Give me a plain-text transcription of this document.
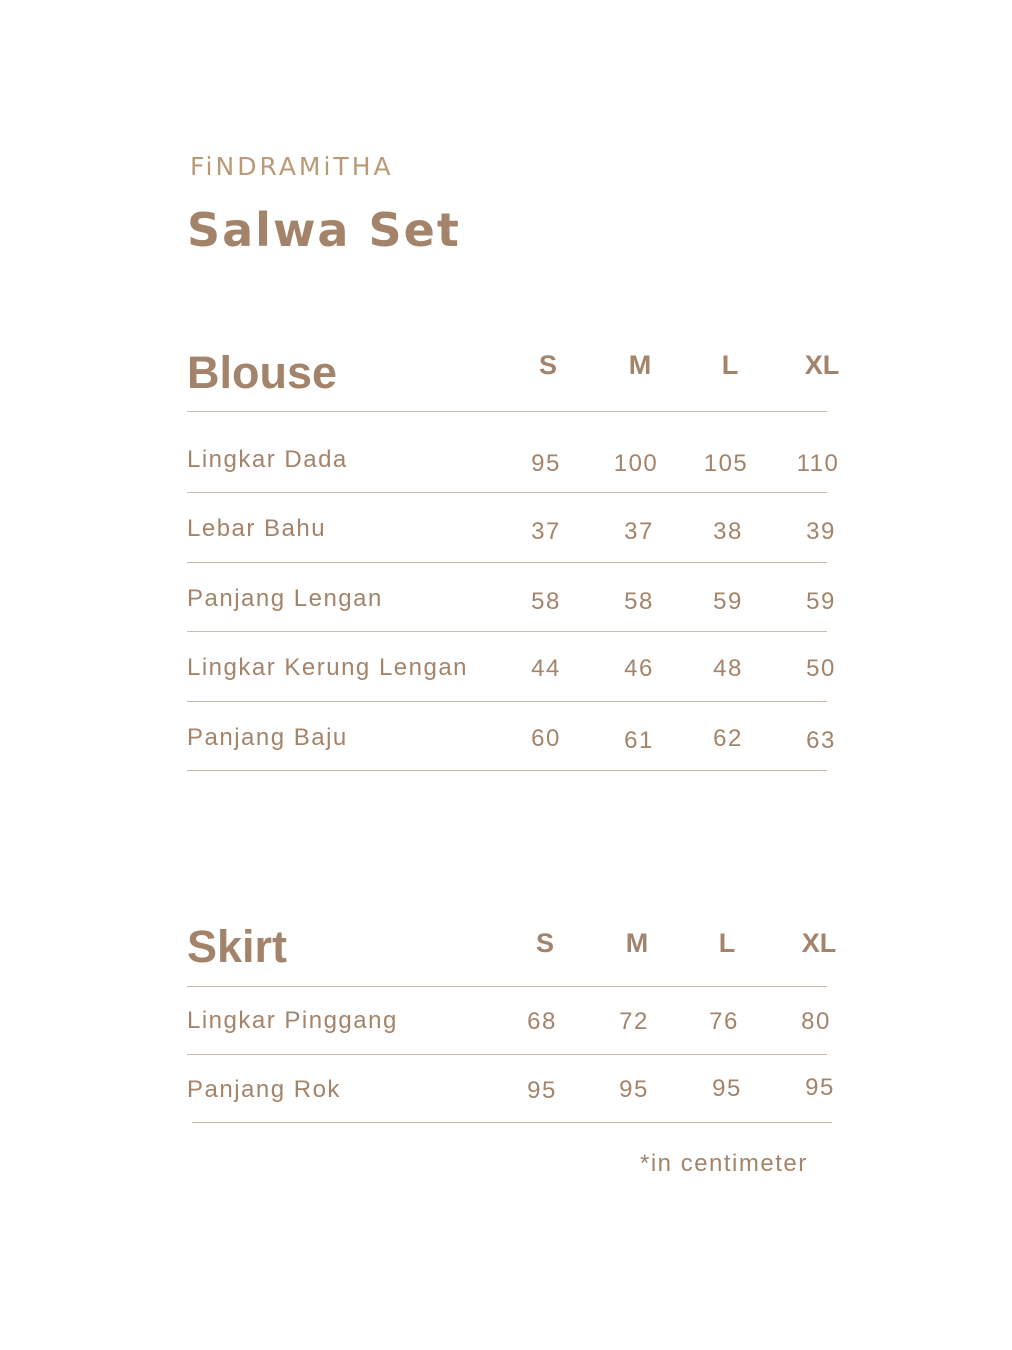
FiNDRAMiTHA
Salwa Set
Blouse	S	M	L	XL
Lingkar Dada	95	100	105	110
Lebar Bahu	37	37	38	39
Panjang Lengan	58	58	59	59
Lingkar Kerung Lengan	44	46	48	50
Panjang Baju	60	61	62	63
Skirt	S	M	L	XL
Lingkar Pinggang	68	72	76	80
Panjang Rok	95	95	95	95
*in centimeter
